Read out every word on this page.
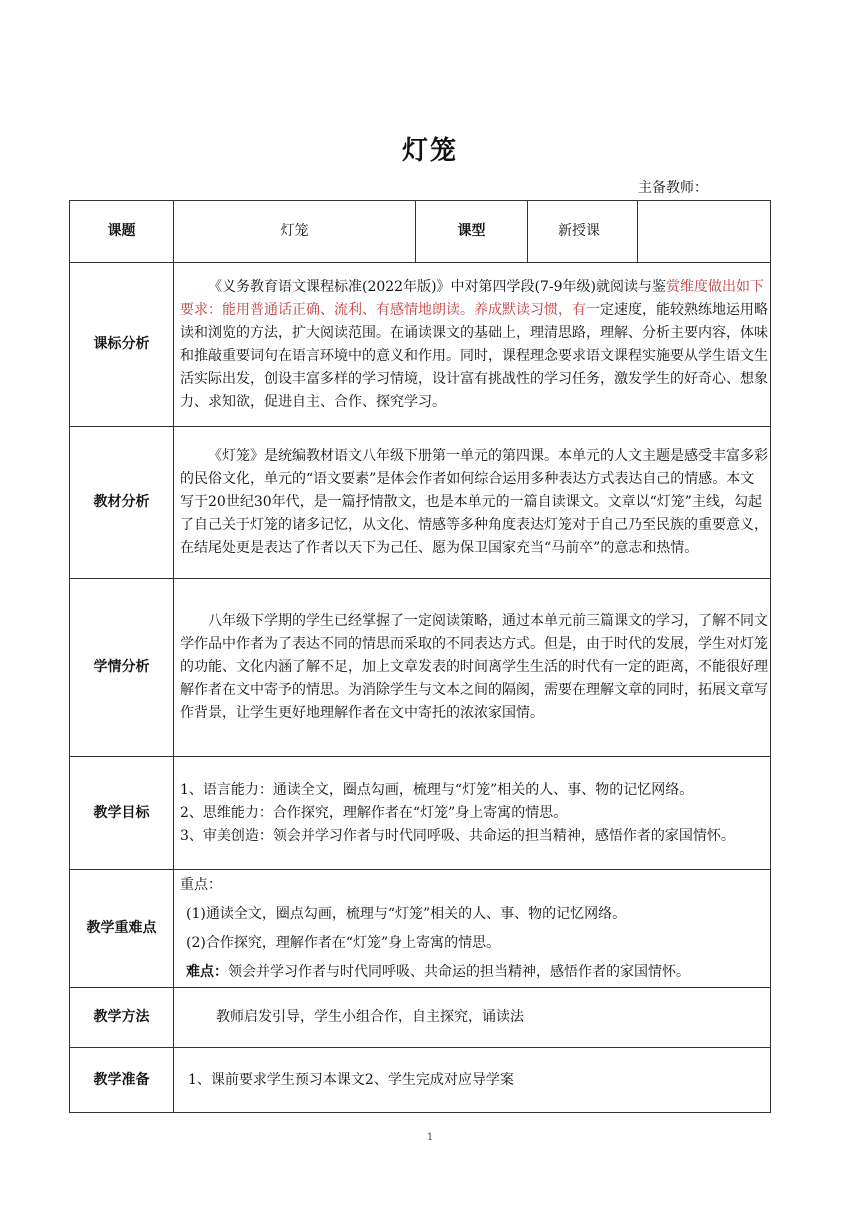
灯笼
主备教师：
课题	灯笼	课型	新授课	
课标分析	《义务教育语文课程标准(2022年版)》中对第四学段(7-9年级)就阅读与鉴赏维度做出如下要求：能用普通话正确、流利、有感情地朗读。养成默读习惯，有一定速度，能较熟练地运用略读和浏览的方法，扩大阅读范围。在诵读课文的基础上，理清思路，理解、分析主要内容，体味和推敲重要词句在语言环境中的意义和作用。同时，课程理念要求语文课程实施要从学生语文生活实际出发，创设丰富多样的学习情境，设计富有挑战性的学习任务，激发学生的好奇心、想象力、求知欲，促进自主、合作、探究学习。			

教材分析	《灯笼》是统编教材语文八年级下册第一单元的第四课。本单元的人文主题是感受丰富多彩的民俗文化，单元的“语文要素”是体会作者如何综合运用多种表达方式表达自己的情感。本文写于20世纪30年代，是一篇抒情散文，也是本单元的一篇自读课文。文章以“灯笼”主线，勾起了自己关于灯笼的诸多记忆，从文化、情感等多种角度表达灯笼对于自己乃至民族的重要意义，在结尾处更是表达了作者以天下为己任、愿为保卫国家充当“马前卒”的意志和热情。			

学情分析	八年级下学期的学生已经掌握了一定阅读策略，通过本单元前三篇课文的学习，了解不同文学作品中作者为了表达不同的情思而采取的不同表达方式。但是，由于时代的发展，学生对灯笼的功能、文化内涵了解不足，加上文章发表的时间离学生生活的时代有一定的距离，不能很好理解作者在文中寄予的情思。为消除学生与文本之间的隔阂，需要在理解文章的同时，拓展文章写作背景，让学生更好地理解作者在文中寄托的浓浓家国情。			

教学目标	1、语言能力：通读全文，圈点勾画，梳理与“灯笼”相关的人、事、物的记忆网络。

2、思维能力：合作探究，理解作者在“灯笼”身上寄寓的情思。

3、审美创造：领会并学习作者与时代同呼吸、共命运的担当精神，感悟作者的家国情怀。			

教学重难点	重点：

(1)通读全文，圈点勾画，梳理与“灯笼”相关的人、事、物的记忆网络。

(2)合作探究，理解作者在“灯笼”身上寄寓的情思。

难点：领会并学习作者与时代同呼吸、共命运的担当精神，感悟作者的家国情怀。			

教学方法	教师启发引导，学生小组合作，自主探究，诵读法			

教学准备	1、课前要求学生预习本课文2、学生完成对应导学案			

1
